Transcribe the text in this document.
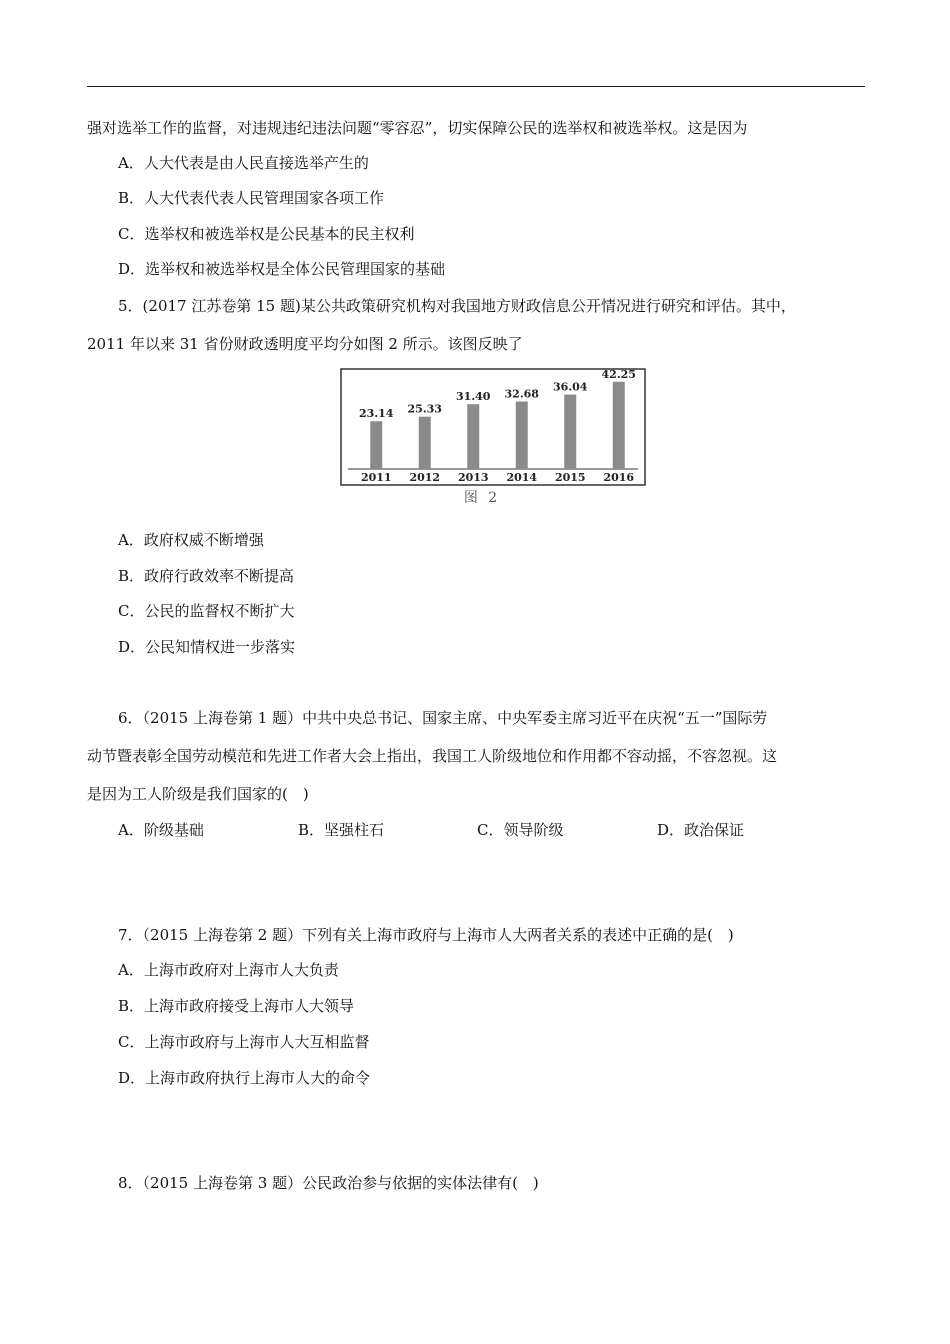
强对选举工作的监督，对违规违纪违法问题“零容忍”，切实保障公民的选举权和被选举权。这是因为
A．人大代表是由人民直接选举产生的
B．人大代表代表人民管理国家各项工作
C．选举权和被选举权是公民基本的民主权利
D．选举权和被选举权是全体公民管理国家的基础
5．(2017 江苏卷第 15 题)某公共政策研究机构对我国地方财政信息公开情况进行研究和评估。其中，
2011 年以来 31 省份财政透明度平均分如图 2 所示。该图反映了
23.14
2011
25.33
2012
31.40
2013
32.68
2014
36.04
2015
42.25
2016
图 2
A．政府权威不断增强
B．政府行政效率不断提高
C．公民的监督权不断扩大
D．公民知情权进一步落实
6．（2015 上海卷第 1 题）中共中央总书记、国家主席、中央军委主席习近平在庆祝“五一”国际劳
动节暨表彰全国劳动模范和先进工作者大会上指出，我国工人阶级地位和作用都不容动摇，不容忽视。这
是因为工人阶级是我们国家的(　)
A．阶级基础	B．坚强柱石	C．领导阶级	D．政治保证
7．（2015 上海卷第 2 题）下列有关上海市政府与上海市人大两者关系的表述中正确的是(　)
A．上海市政府对上海市人大负责
B．上海市政府接受上海市人大领导
C．上海市政府与上海市人大互相监督
D．上海市政府执行上海市人大的命令
8．（2015 上海卷第 3 题）公民政治参与依据的实体法律有(　)
